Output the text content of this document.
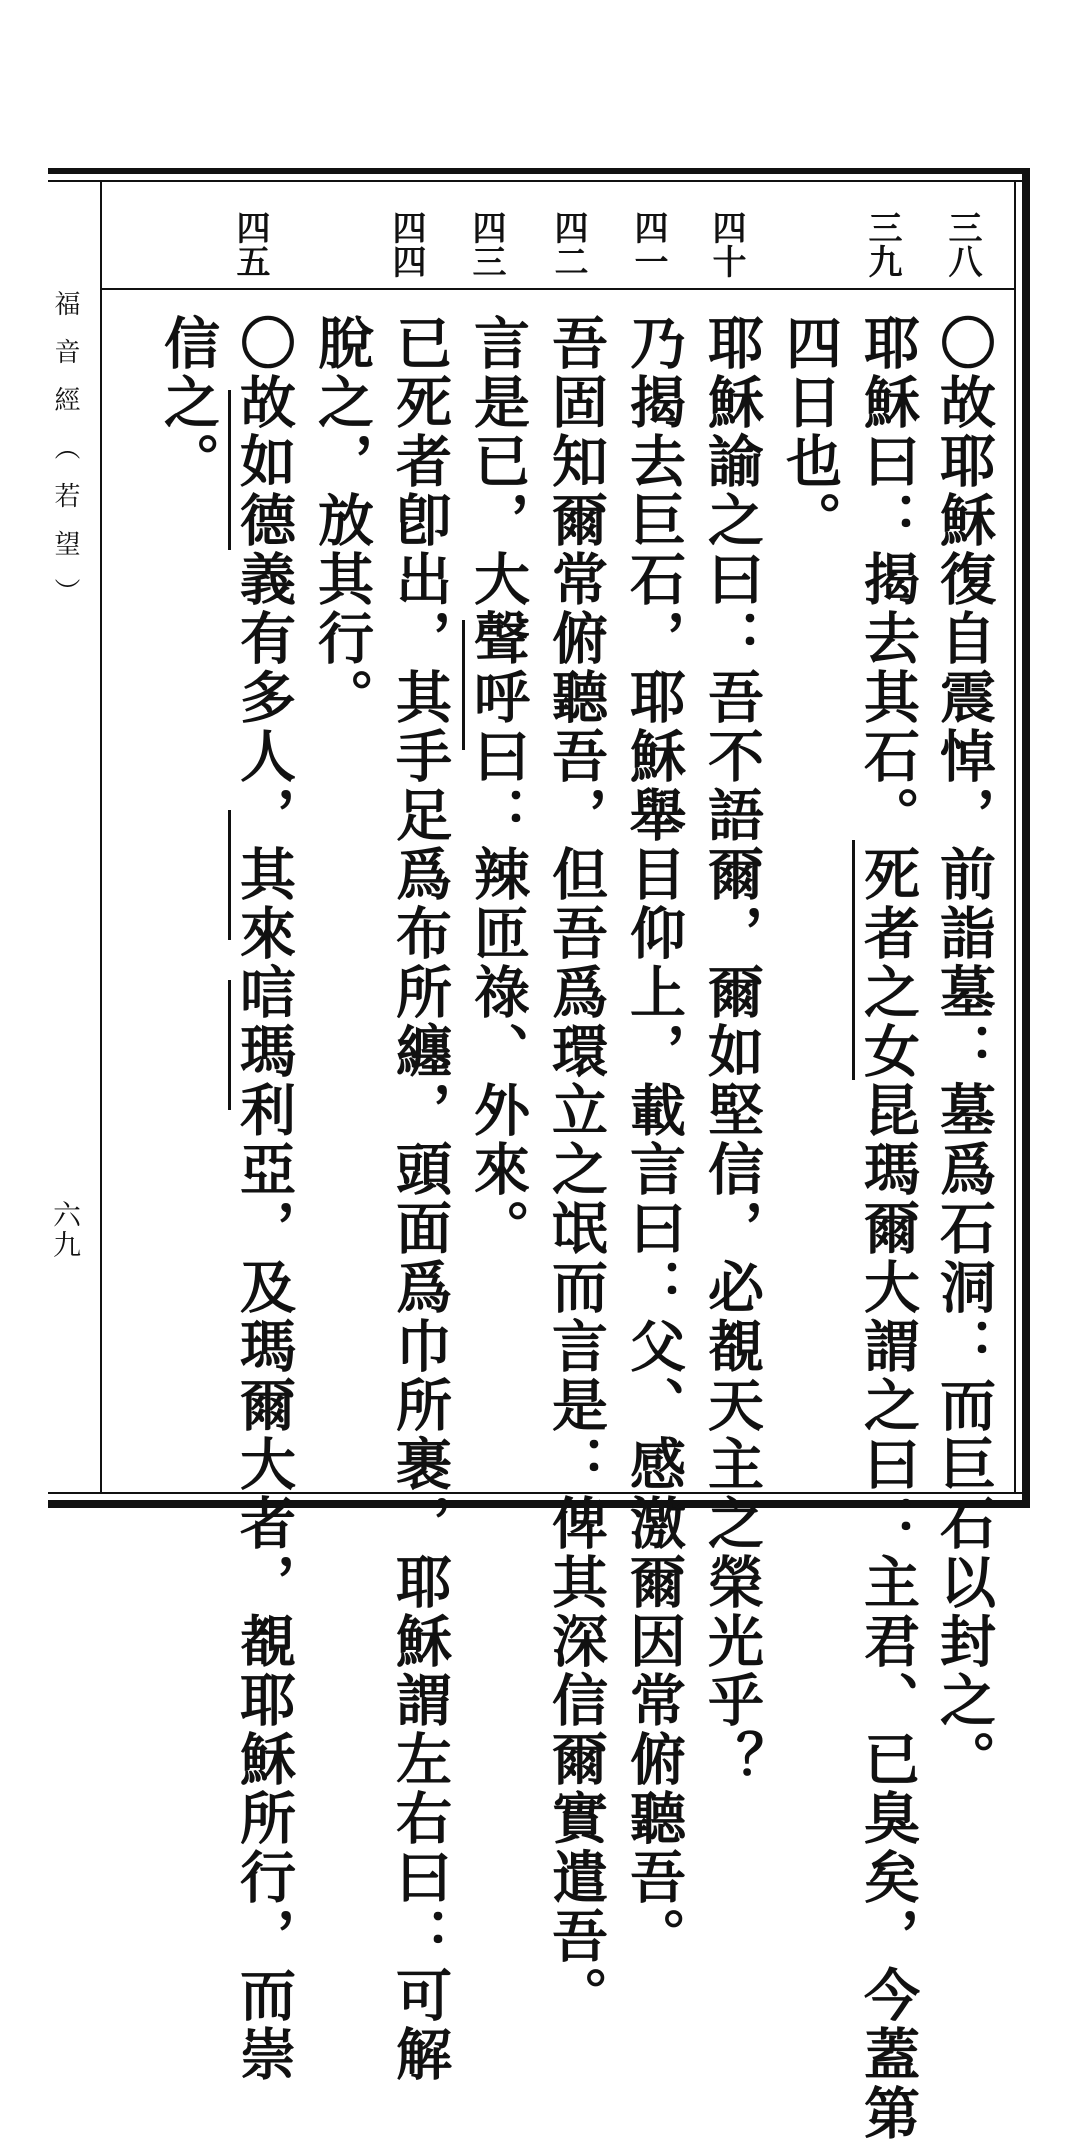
福音經（若望）
六九
三八
三九
四十
四一
四二
四三
四四
四五
〇故耶穌復自震悼，前詣墓：墓爲石洞：而巨石以封之。
耶穌曰：揭去其石。死者之女昆瑪爾大謂之曰：主君、已臭矣，今蓋第
四日也。
耶穌諭之曰：吾不語爾，爾如堅信，必覩天主之榮光乎？
乃揭去巨石，耶穌舉目仰上，載言曰：父、感激爾因常俯聽吾。
吾固知爾常俯聽吾，但吾爲環立之氓而言是：俾其深信爾實遣吾。
言是已，大聲呼曰：辣匝祿、外來。
已死者卽出，其手足爲布所纏，頭面爲巾所裹，耶穌謂左右曰：可解
脫之，放其行。
〇故如德義有多人，其來唁瑪利亞，及瑪爾大者，覩耶穌所行，而崇
信之。
